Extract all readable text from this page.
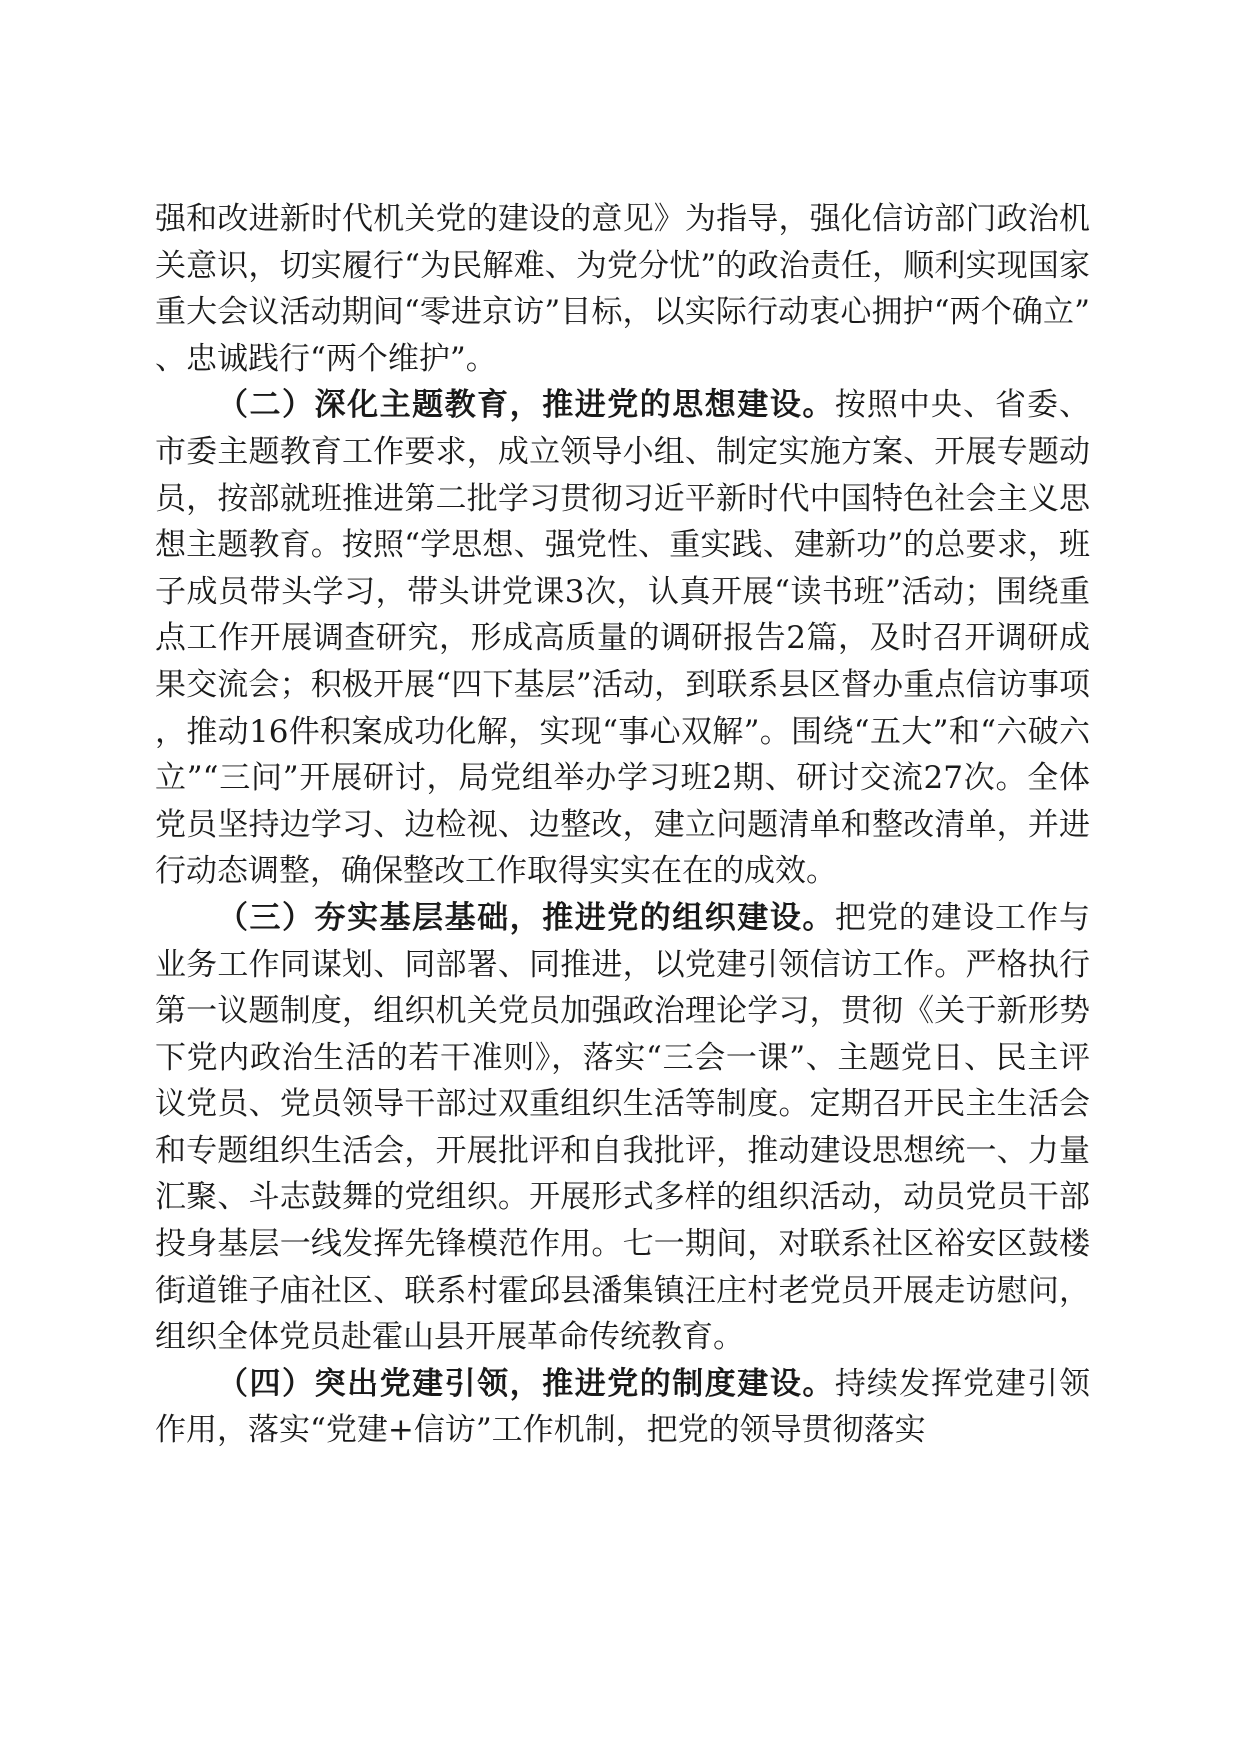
强和改进新时代机关党的建设的意见》为指导，强化信访部门政治机关意识，切实履行“为民解难、为党分忧”的政治责任，顺利实现国家重大会议活动期间“零进京访”目标，以实际行动衷心拥护“两个确立”、忠诚践行“两个维护”。

（二）深化主题教育，推进党的思想建设。按照中央、省委、市委主题教育工作要求，成立领导小组、制定实施方案、开展专题动员，按部就班推进第二批学习贯彻习近平新时代中国特色社会主义思想主题教育。按照“学思想、强党性、重实践、建新功”的总要求，班子成员带头学习，带头讲党课3次，认真开展“读书班”活动；围绕重点工作开展调查研究，形成高质量的调研报告2篇，及时召开调研成果交流会；积极开展“四下基层”活动，到联系县区督办重点信访事项，推动16件积案成功化解，实现“事心双解”。围绕“五大”和“六破六立”“三问”开展研讨，局党组举办学习班2期、研讨交流27次。全体党员坚持边学习、边检视、边整改，建立问题清单和整改清单，并进行动态调整，确保整改工作取得实实在在的成效。

（三）夯实基层基础，推进党的组织建设。把党的建设工作与业务工作同谋划、同部署、同推进，以党建引领信访工作。严格执行第一议题制度，组织机关党员加强政治理论学习，贯彻《关于新形势下党内政治生活的若干准则》，落实“三会一课”、主题党日、民主评议党员、党员领导干部过双重组织生活等制度。定期召开民主生活会和专题组织生活会，开展批评和自我批评，推动建设思想统一、力量汇聚、斗志鼓舞的党组织。开展形式多样的组织活动，动员党员干部投身基层一线发挥先锋模范作用。七一期间，对联系社区裕安区鼓楼街道锥子庙社区、联系村霍邱县潘集镇汪庄村老党员开展走访慰问，组织全体党员赴霍山县开展革命传统教育。

（四）突出党建引领，推进党的制度建设。持续发挥党建引领作用，落实“党建+信访”工作机制，把党的领导贯彻落实
